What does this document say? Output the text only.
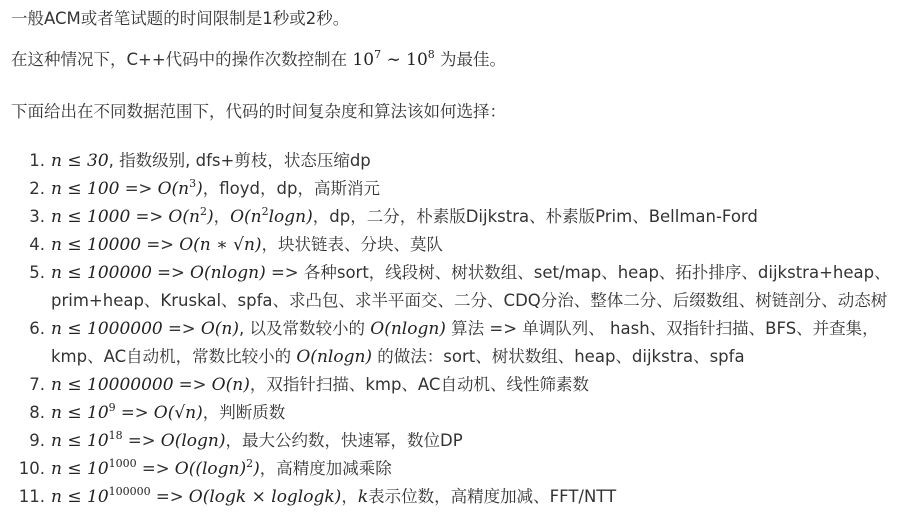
一般ACM或者笔试题的时间限制是1秒或2秒。
在这种情况下，C++代码中的操作次数控制在 $10^7$ ∼ $10^8$ 为最佳。
下面给出在不同数据范围下，代码的时间复杂度和算法该如何选择：
1. n ≤ 30, 指数级别, dfs+剪枝，状态压缩dp
2. $n \le 100 => O(n^3)$，floyd，dp，高斯消元
3. $n \le 1000 => O(n^2)$，$O(n^2\log n)$，dp，二分，朴素版Dijkstra、朴素版Prim、Bellman-Ford
4. n ≤ 10000 => O(n ∗ √n)，块状链表、分块、莫队
5. n ≤ 100000 => O(nlogn) => 各种sort，线段树、树状数组、set/map、heap、拓扑排序、dijkstra+heap、
prim+heap、Kruskal、spfa、求凸包、求半平面交、二分、CDQ分治、整体二分、后缀数组、树链剖分、动态树
6. n ≤ 1000000 => O(n), 以及常数较小的 O(nlogn) 算法 => 单调队列、 hash、双指针扫描、BFS、并查集，
kmp、AC自动机，常数比较小的 O(nlogn) 的做法：sort、树状数组、heap、dijkstra、spfa
7. n ≤ 10000000 => O(n)，双指针扫描、kmp、AC自动机、线性筛素数
8. $n \le 10^9 => O(√n)$，判断质数
9. $n \le 10^{18} => O(\log n)$，最大公约数，快速幂，数位DP
10. $n \le 10^{1000} => O((\log n)^2)$，高精度加减乘除
11. $n \le 10^{100000} => O(\log k \times loglogk)$，k表示位数，高精度加减、FFT/NTT
